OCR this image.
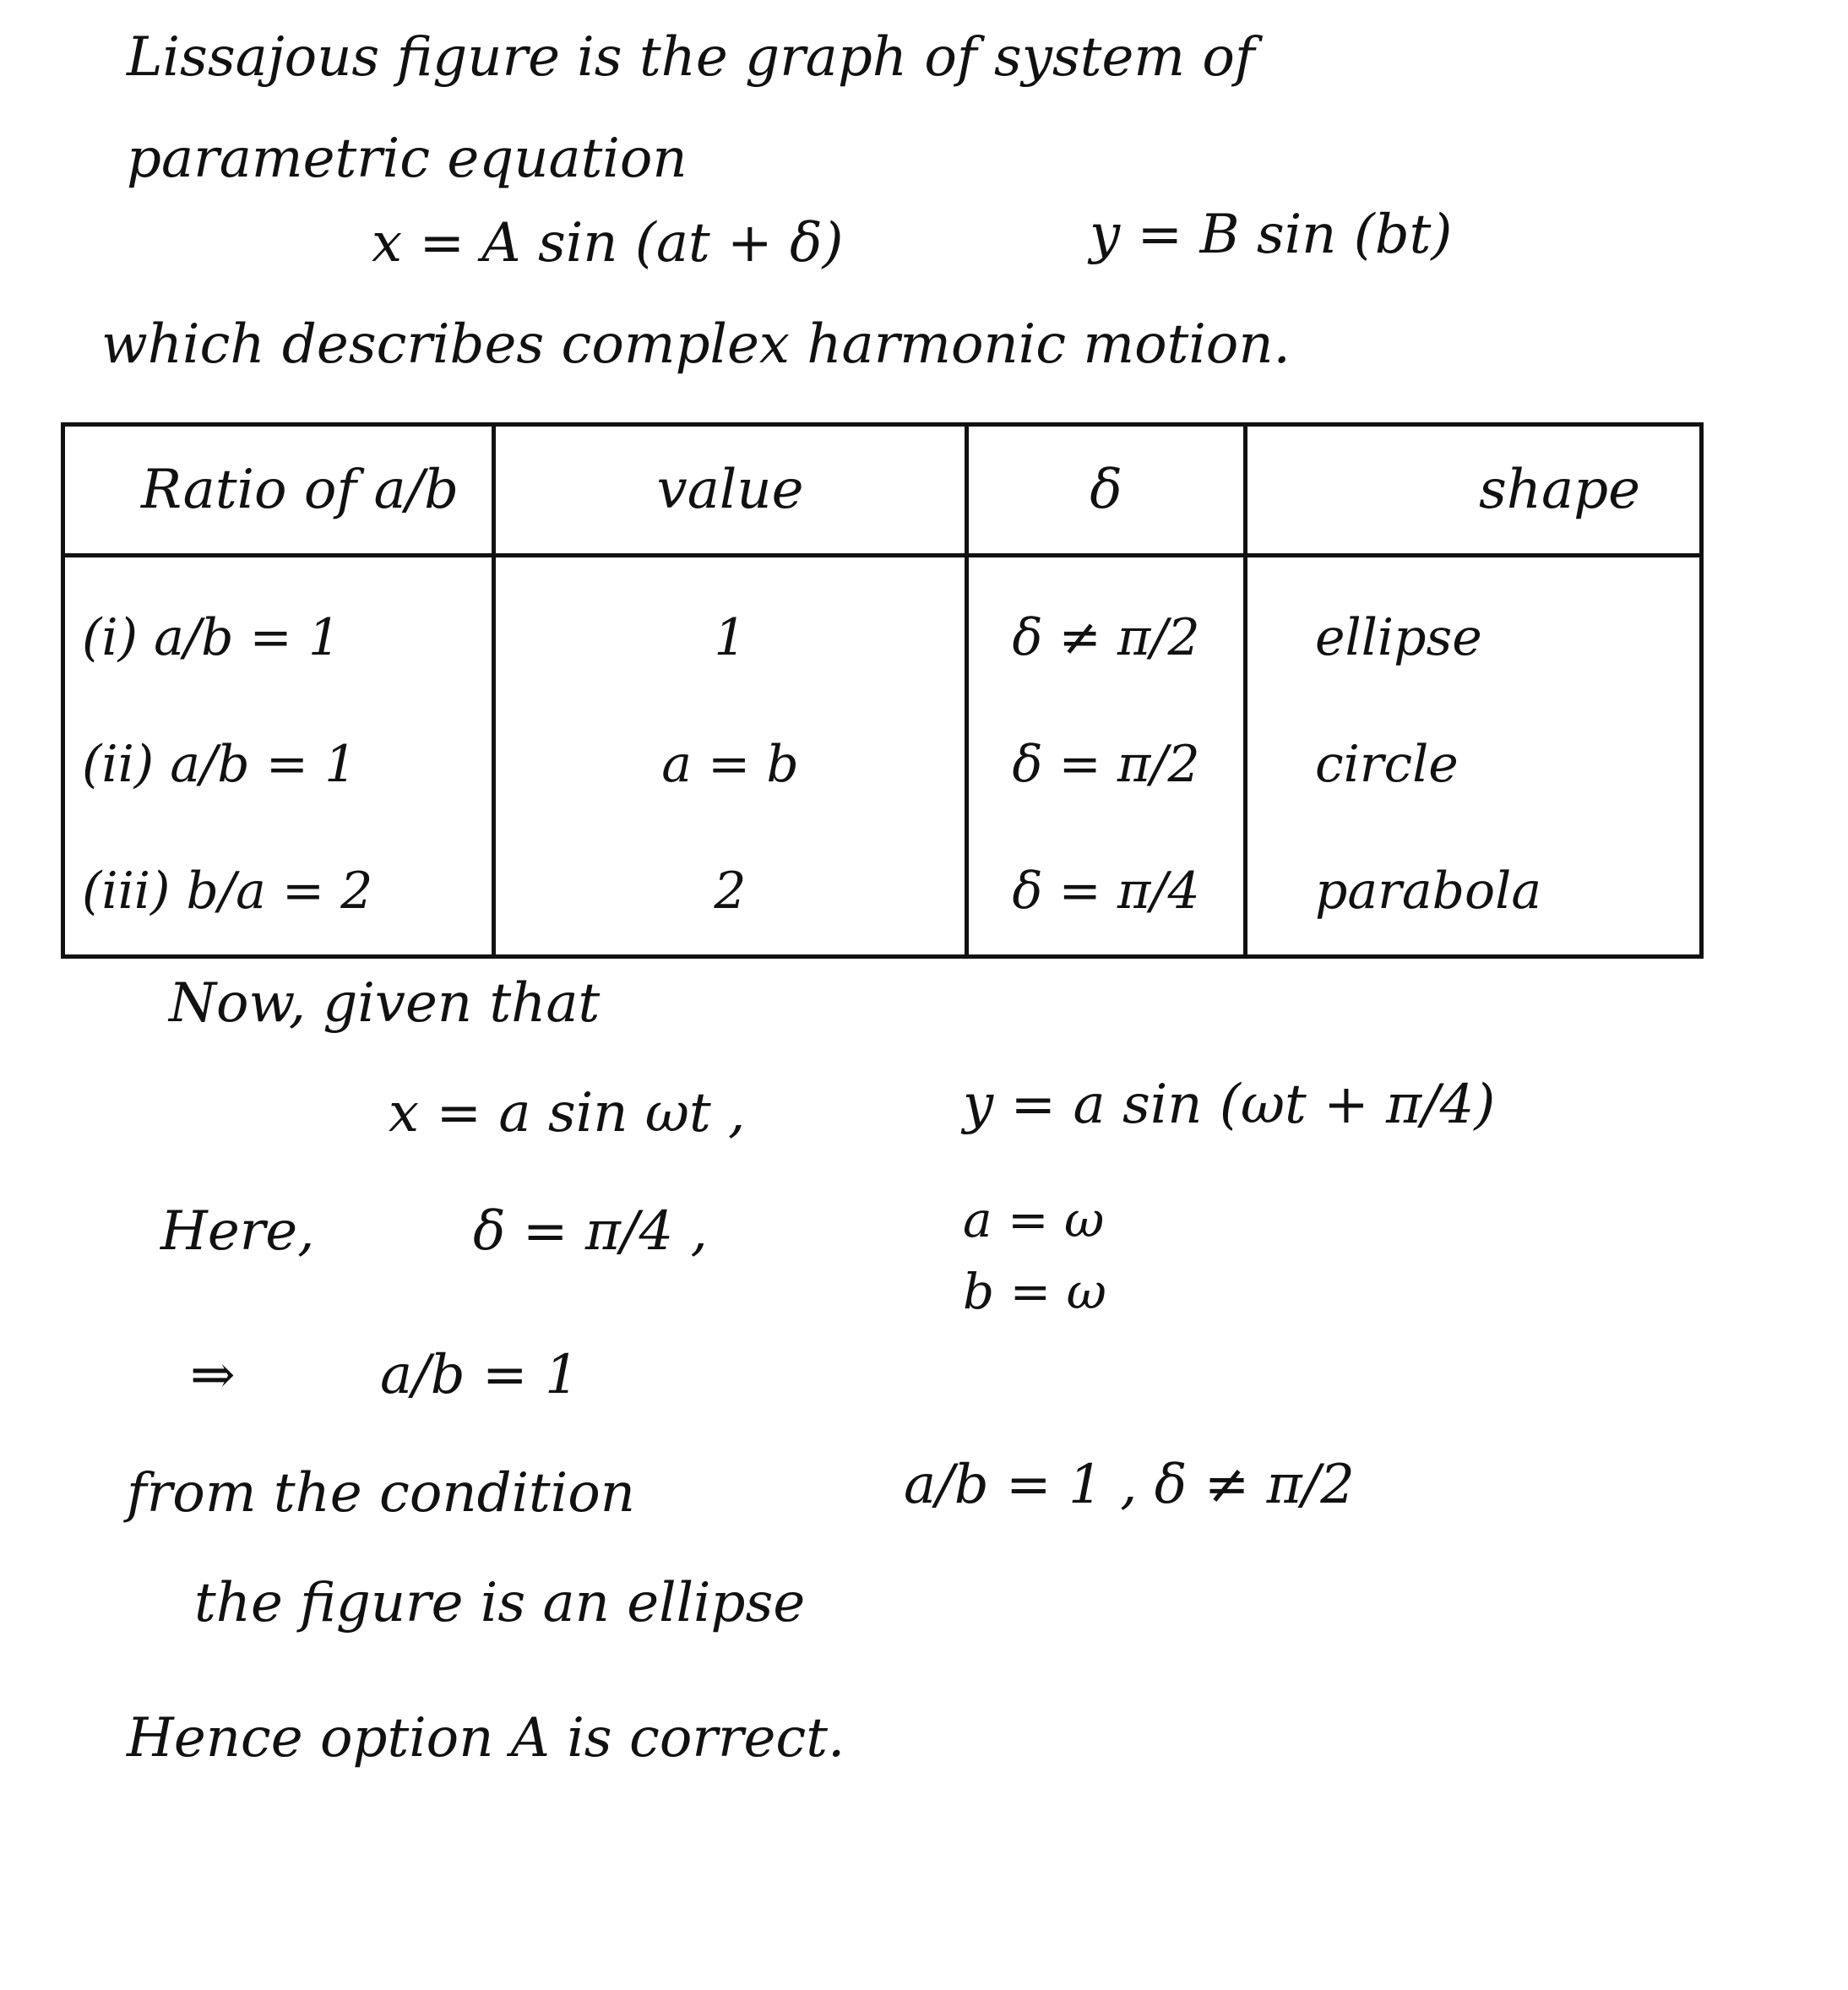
Lissajous figure is the graph of system of
parametric equation
x = A sin (at + δ)	y = B sin (bt)
which describes complex harmonic motion.
Ratio of a/b	value	δ	shape
(i) a/b = 1	1	δ ≠ π/2	ellipse
(ii) a/b = 1	a = b	δ = π/2	circle
(iii) b/a = 2	2	δ = π/4	parabola
Now, given that
x = a sin ωt ,	y = a sin (ωt + π/4)
Here,	δ = π/4 ,	a = ω
b = ω
⇒	a/b = 1
from the condition	a/b = 1 , δ ≠ π/2
the figure is an ellipse
Hence option A is correct.
